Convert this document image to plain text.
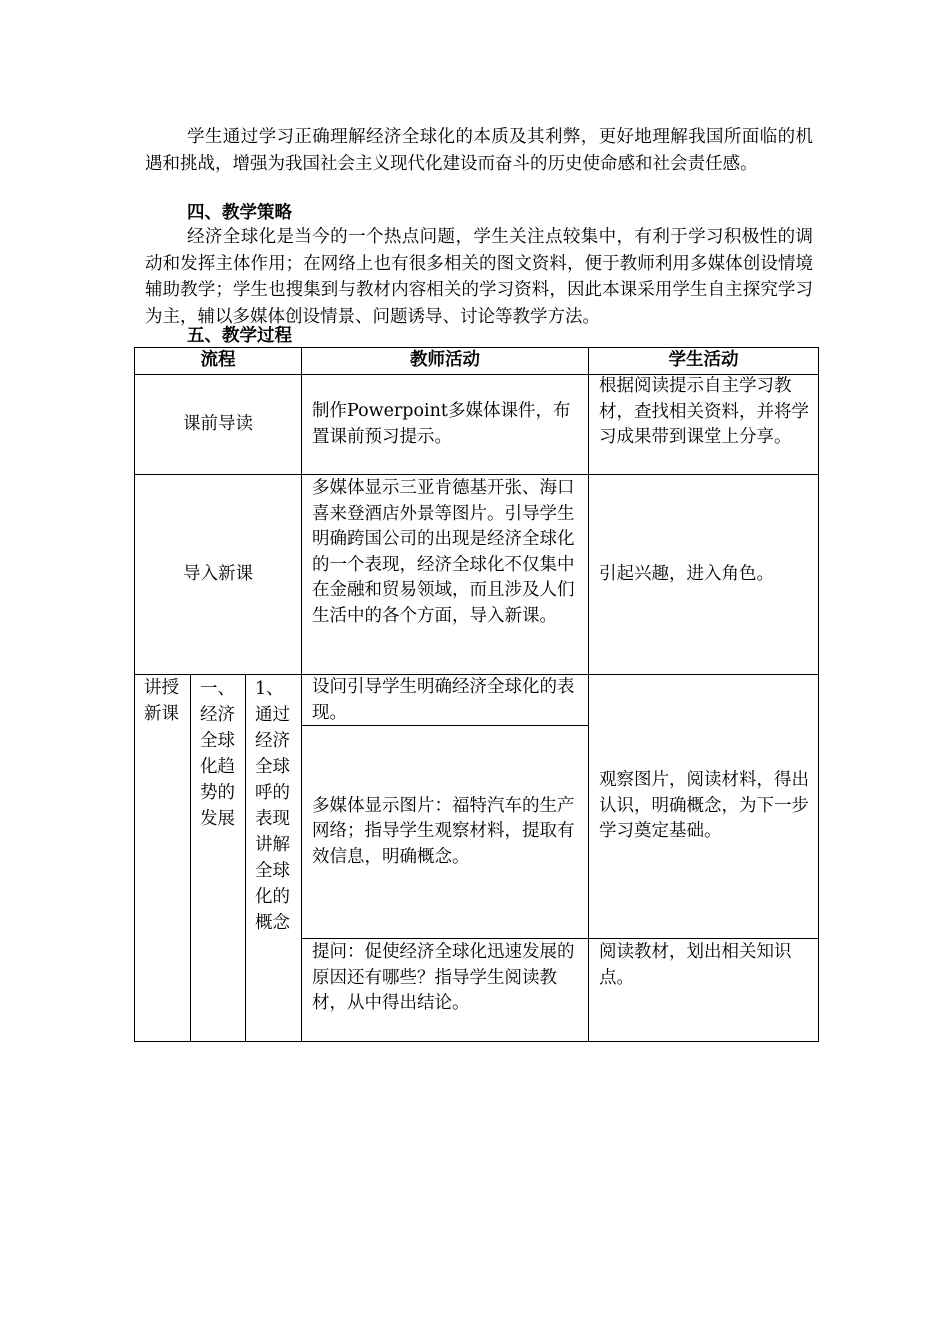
学生通过学习正确理解经济全球化的本质及其利弊，更好地理解我国所面临的机遇和挑战，增强为我国社会主义现代化建设而奋斗的历史使命感和社会责任感。

四、教学策略

经济全球化是当今的一个热点问题，学生关注点较集中，有利于学习积极性的调动和发挥主体作用；在网络上也有很多相关的图文资料，便于教师利用多媒体创设情境辅助教学；学生也搜集到与教材内容相关的学习资料，因此本课采用学生自主探究学习为主，辅以多媒体创设情景、问题诱导、讨论等教学方法。

五、教学过程

流程	教师活动	学生活动
课前导读
制作Powerpoint多媒体课件，布置课前预习提示。
根据阅读提示自主学习教材，查找相关资料，并将学习成果带到课堂上分享。
导入新课
多媒体显示三亚肯德基开张、海口喜来登酒店外景等图片。引导学生明确跨国公司的出现是经济全球化的一个表现，经济全球化不仅集中在金融和贸易领域，而且涉及人们生活中的各个方面，导入新课。
引起兴趣，进入角色。
讲授新课
一、经济全球化趋势的发展
1、通过经济全球呼的表现讲解全球化的概念
设问引导学生明确经济全球化的表现。
多媒体显示图片：福特汽车的生产网络；指导学生观察材料，提取有效信息，明确概念。
观察图片，阅读材料，得出认识，明确概念，为下一步学习奠定基础。
提问：促使经济全球化迅速发展的原因还有哪些？指导学生阅读教材，从中得出结论。
阅读教材，划出相关知识点。
